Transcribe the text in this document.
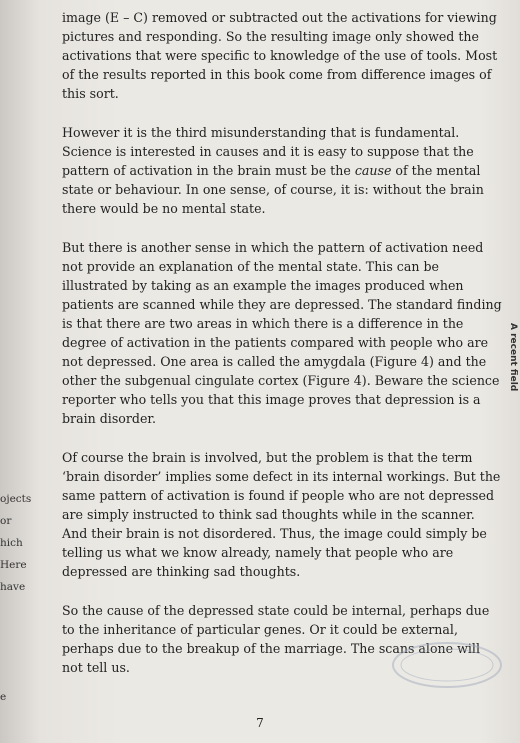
image (E – C) removed or subtracted out the activations for viewing pictures and responding. So the resulting image only showed the activations that were specific to knowledge of the use of tools. Most of the results reported in this book come from difference images of this sort.

However it is the third misunderstanding that is fundamental. Science is interested in causes and it is easy to suppose that the pattern of activation in the brain must be the cause of the mental state or behaviour. In one sense, of course, it is: without the brain there would be no mental state.

But there is another sense in which the pattern of activation need not provide an explanation of the mental state. This can be illustrated by taking as an example the images produced when patients are scanned while they are depressed. The standard finding is that there are two areas in which there is a difference in the degree of activation in the patients compared with people who are not depressed. One area is called the amygdala (Figure 4) and the other the subgenual cingulate cortex (Figure 4). Beware the science reporter who tells you that this image proves that depression is a brain disorder.

Of course the brain is involved, but the problem is that the term ‘brain disorder’ implies some defect in its internal workings. But the same pattern of activation is found if people who are not depressed are simply instructed to think sad thoughts while in the scanner. And their brain is not disordered. Thus, the image could simply be telling us what we know already, namely that people who are depressed are thinking sad thoughts.

So the cause of the depressed state could be internal, perhaps due to the inheritance of particular genes. Or it could be external, perhaps due to the breakup of the marriage. The scans alone will not tell us.

A recent field
ojects
or
hich
Here
have
e
7
